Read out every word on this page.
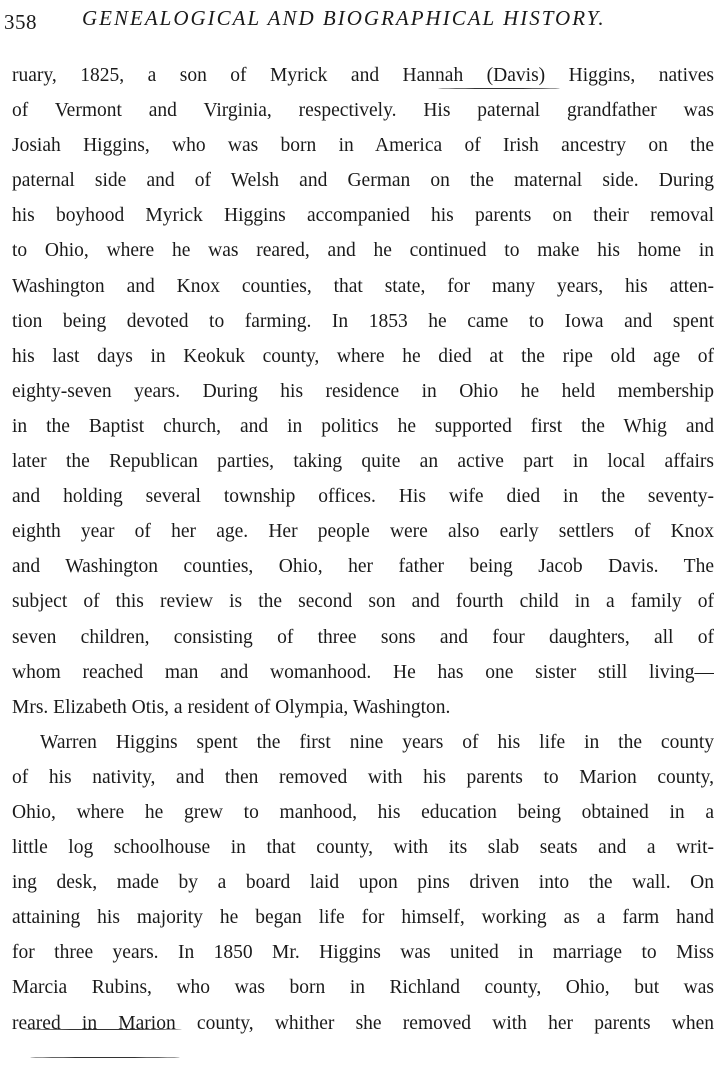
358 GENEALOGICAL AND BIOGRAPHICAL HISTORY.
ruary, 1825, a son of Myrick and Hannah (Davis) Higgins, natives
of Vermont and Virginia, respectively. His paternal grandfather was
Josiah Higgins, who was born in America of Irish ancestry on the
paternal side and of Welsh and German on the maternal side. During
his boyhood Myrick Higgins accompanied his parents on their removal
to Ohio, where he was reared, and he continued to make his home in
Washington and Knox counties, that state, for many years, his atten-
tion being devoted to farming. In 1853 he came to Iowa and spent
his last days in Keokuk county, where he died at the ripe old age of
eighty-seven years. During his residence in Ohio he held membership
in the Baptist church, and in politics he supported first the Whig and
later the Republican parties, taking quite an active part in local affairs
and holding several township offices. His wife died in the seventy-
eighth year of her age. Her people were also early settlers of Knox
and Washington counties, Ohio, her father being Jacob Davis. The
subject of this review is the second son and fourth child in a family of
seven children, consisting of three sons and four daughters, all of
whom reached man and womanhood. He has one sister still living—
Mrs. Elizabeth Otis, a resident of Olympia, Washington.
Warren Higgins spent the first nine years of his life in the county
of his nativity, and then removed with his parents to Marion county,
Ohio, where he grew to manhood, his education being obtained in a
little log schoolhouse in that county, with its slab seats and a writ-
ing desk, made by a board laid upon pins driven into the wall. On
attaining his majority he began life for himself, working as a farm hand
for three years. In 1850 Mr. Higgins was united in marriage to Miss
Marcia Rubins, who was born in Richland county, Ohio, but was
reared in Marion county, whither she removed with her parents when
